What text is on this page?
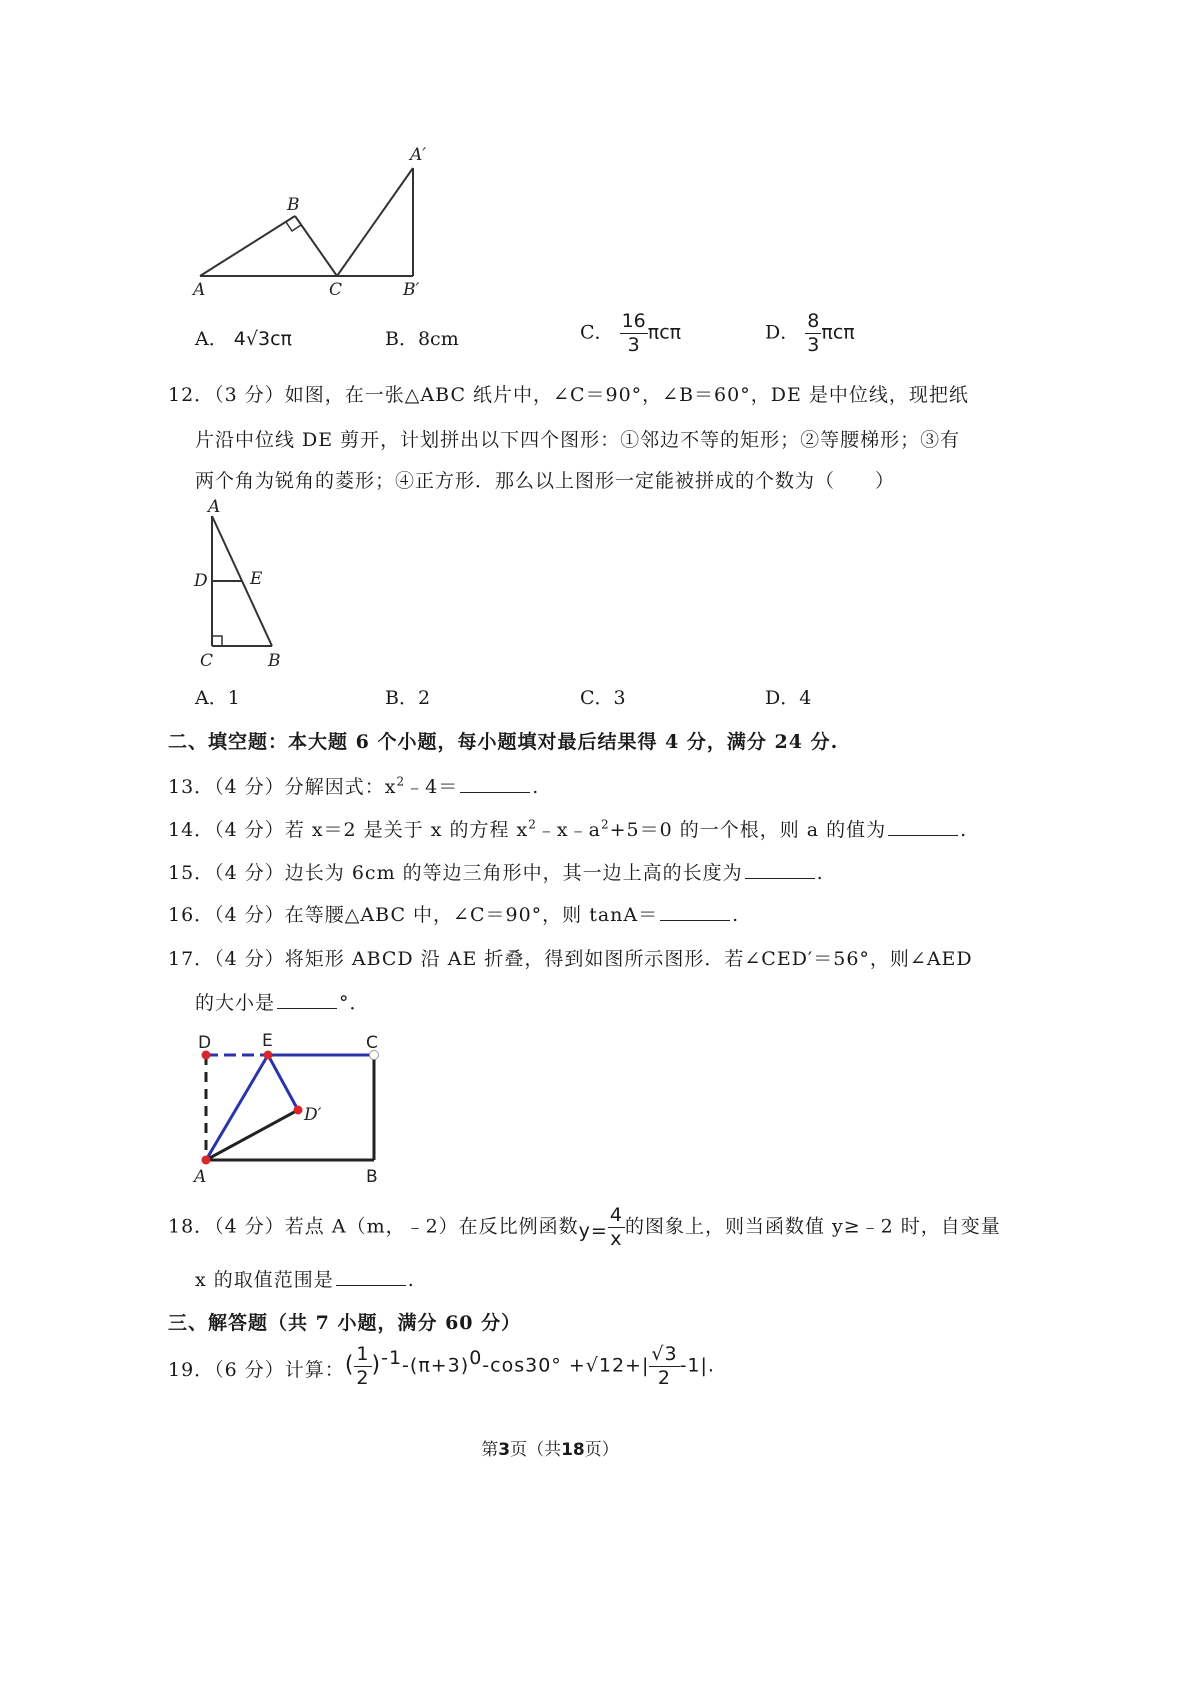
A
B
C
A′
B′
A． 4√3cπ	B．8cm	C． $\frac{16}{3}$ πcπ	D． $\frac{8}{3}$ πcπ
12．（3 分）如图，在一张△ABC 纸片中，∠C＝90°，∠B＝60°，DE 是中位线，现把纸
片沿中位线 DE 剪开，计划拼出以下四个图形：①邻边不等的矩形；②等腰梯形；③有
两个角为锐角的菱形；④正方形．那么以上图形一定能被拼成的个数为（　　）
A
D E
C	B
A．1	B．2	C．3	D．4
二、填空题：本大题 6 个小题，每小题填对最后结果得 4 分，满分 24 分.
13．（4 分）分解因式：$x^2﹣4=$	.
14．（4 分）若 x＝2 是关于 x 的方程 $x^2﹣x﹣a^2+5=0$ 的一个根，则 a 的值为	.
15．（4 分）边长为 6cm 的等边三角形中，其一边上高的长度为	.
16．（4 分）在等腰△ABC 中，∠C＝90°，则 tanA＝	.
17．（4 分）将矩形 ABCD 沿 AE 折叠，得到如图所示图形．若∠CED′＝56°，则∠AED
的大小是	°．
D	E	C
D′
A	B
18．（4 分）若点 A（m，﹣2）在反比例函数$y= \frac{4}{x}$ 的图象上，则当函数值 y≥﹣2 时，自变量
x 的取值范围是	.
三、解答题（共 7 小题，满分 60 分）
19．（6 分）计算：( $\frac{1}{2} )^{-1}-(\pi+3)^0-\cos 30^\circ +√12+| \frac{√3}{2} -1|$.
第3页（共18页）
